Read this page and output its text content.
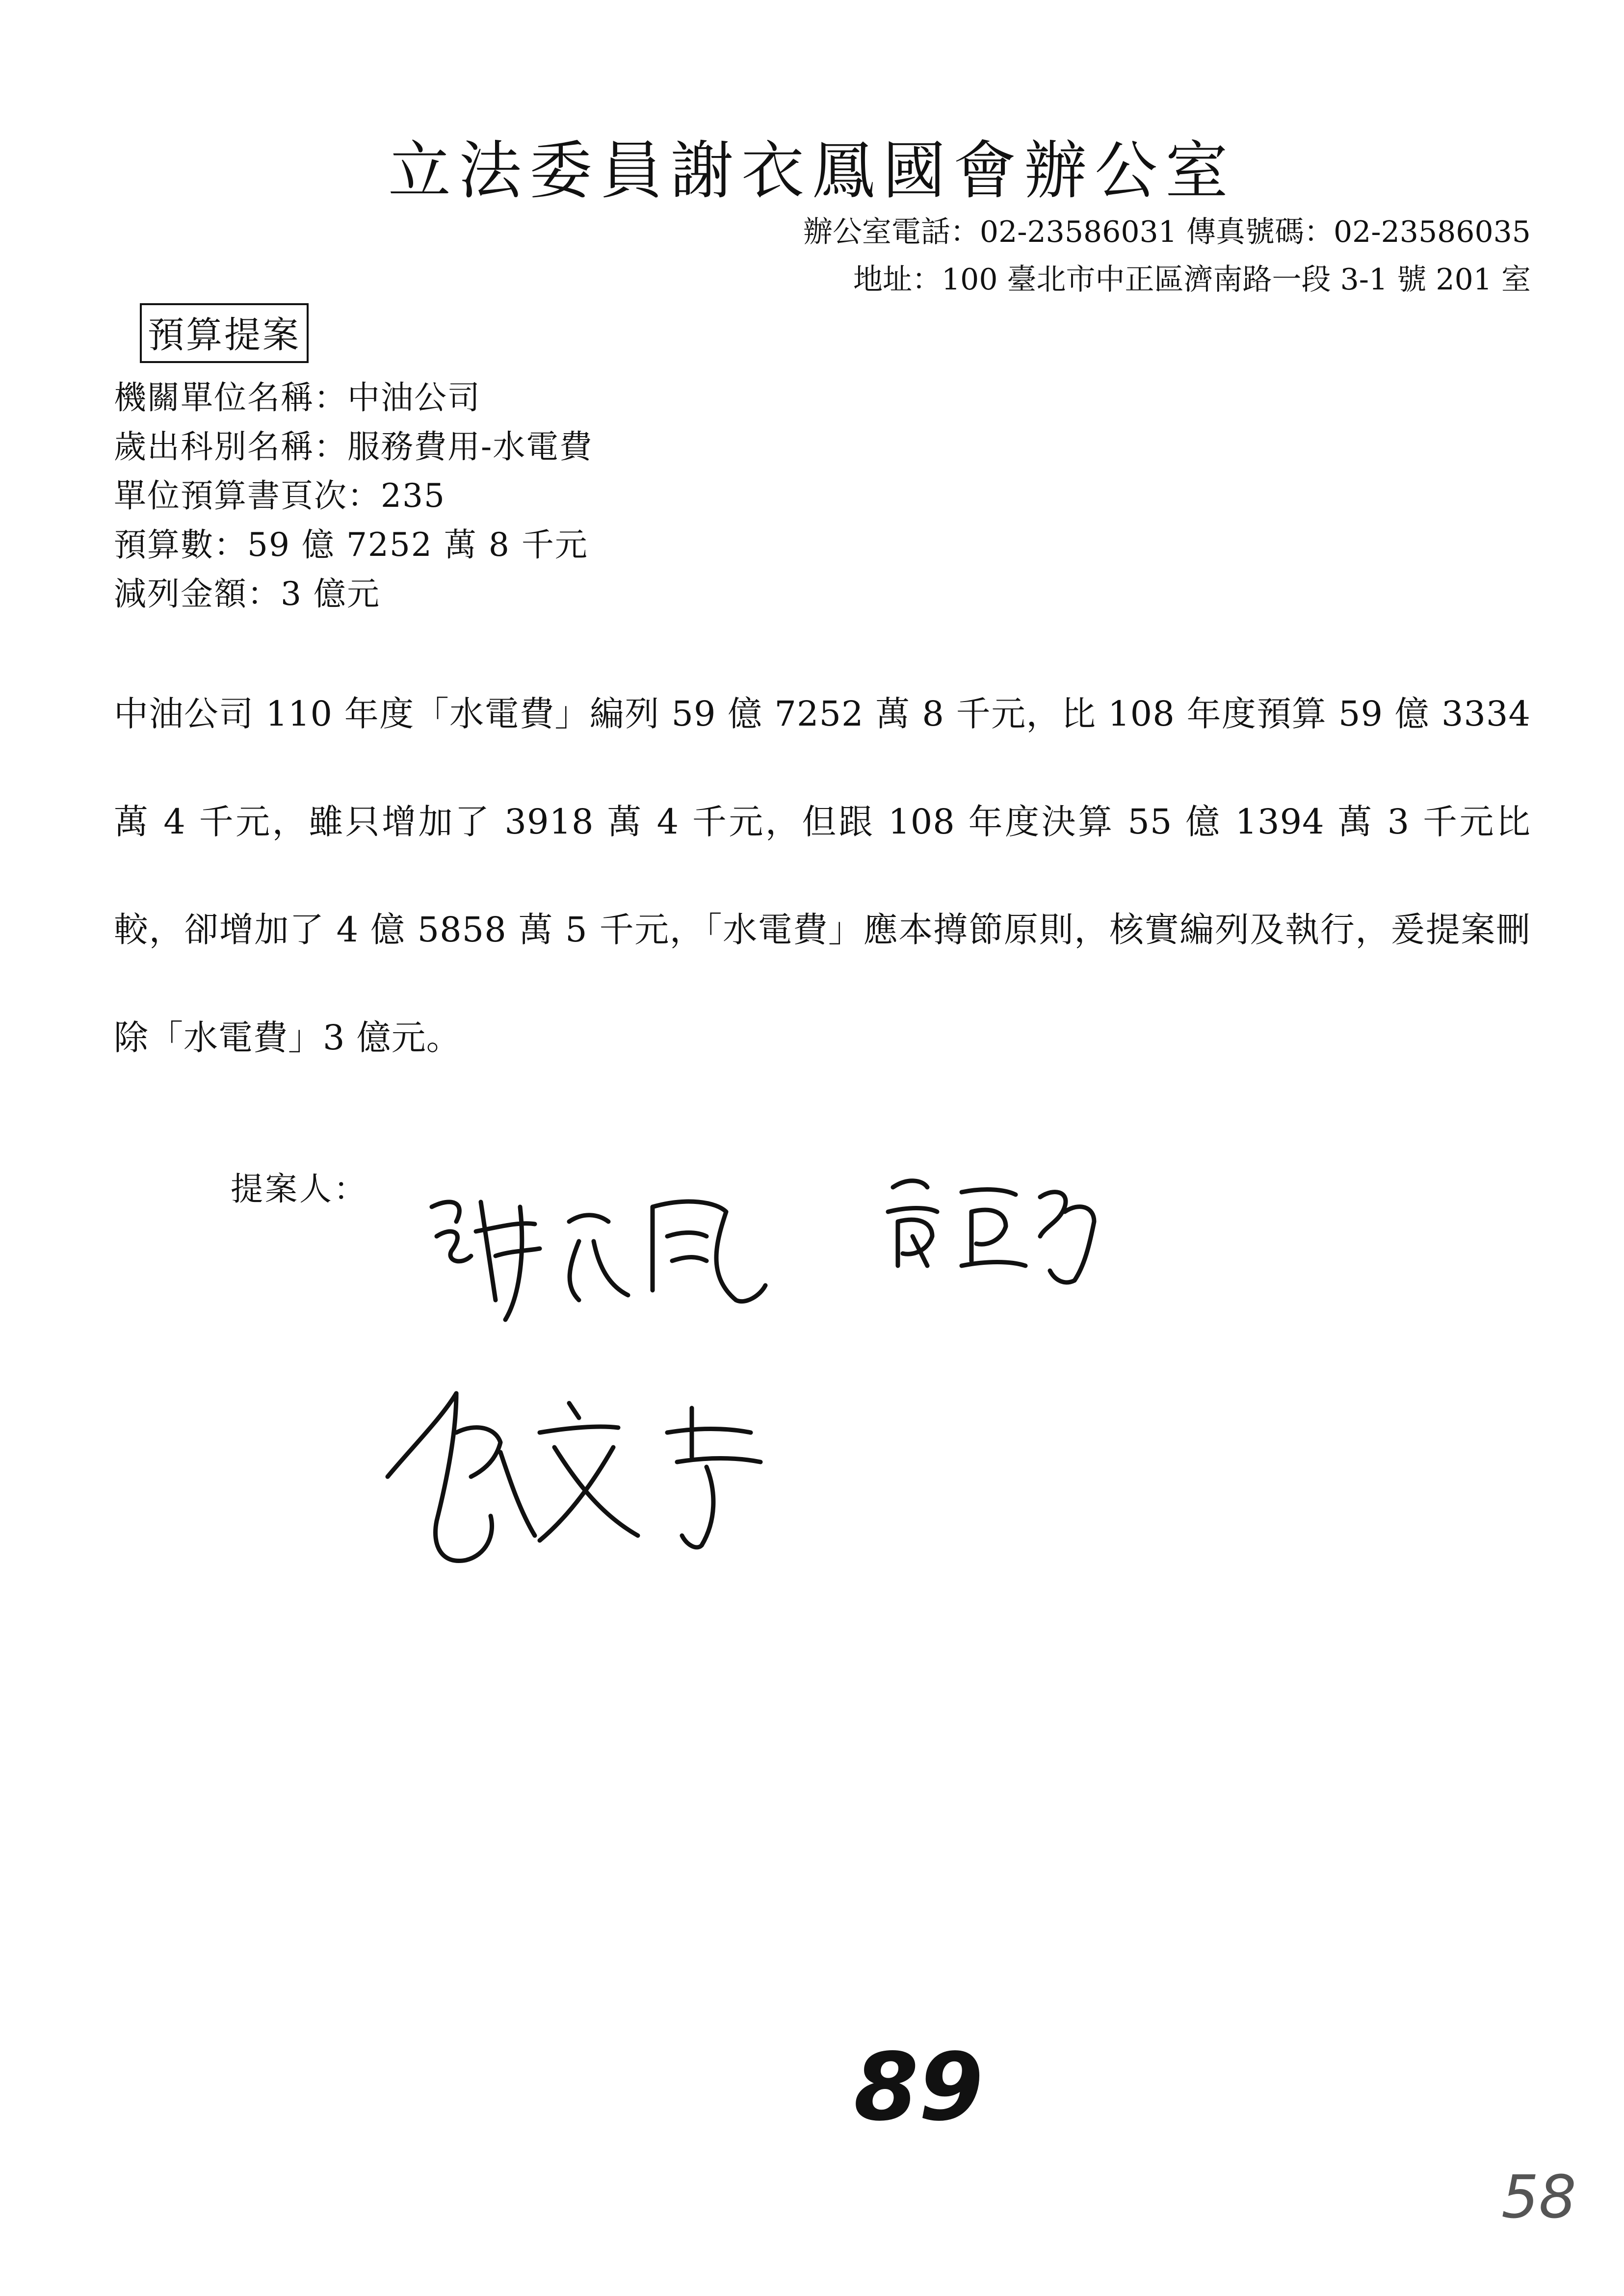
立法委員謝衣鳳國會辦公室
辦公室電話：02-23586031 傳真號碼：02-23586035
地址：100 臺北市中正區濟南路一段 3-1 號 201 室
預算提案
機關單位名稱：中油公司
歲出科別名稱：服務費用-水電費
單位預算書頁次：235
預算數：59 億 7252 萬 8 千元
減列金額：3 億元
中油公司 110 年度「水電費」編列 59 億 7252 萬 8 千元，比 108 年度預算 59 億 3334 萬 4 千元，雖只增加了 3918 萬 4 千元，但跟 108 年度決算 55 億 1394 萬 3 千元比較，卻增加了 4 億 5858 萬 5 千元，「水電費」應本撙節原則，核實編列及執行，爰提案刪除「水電費」3 億元。
提案人：
89
58
